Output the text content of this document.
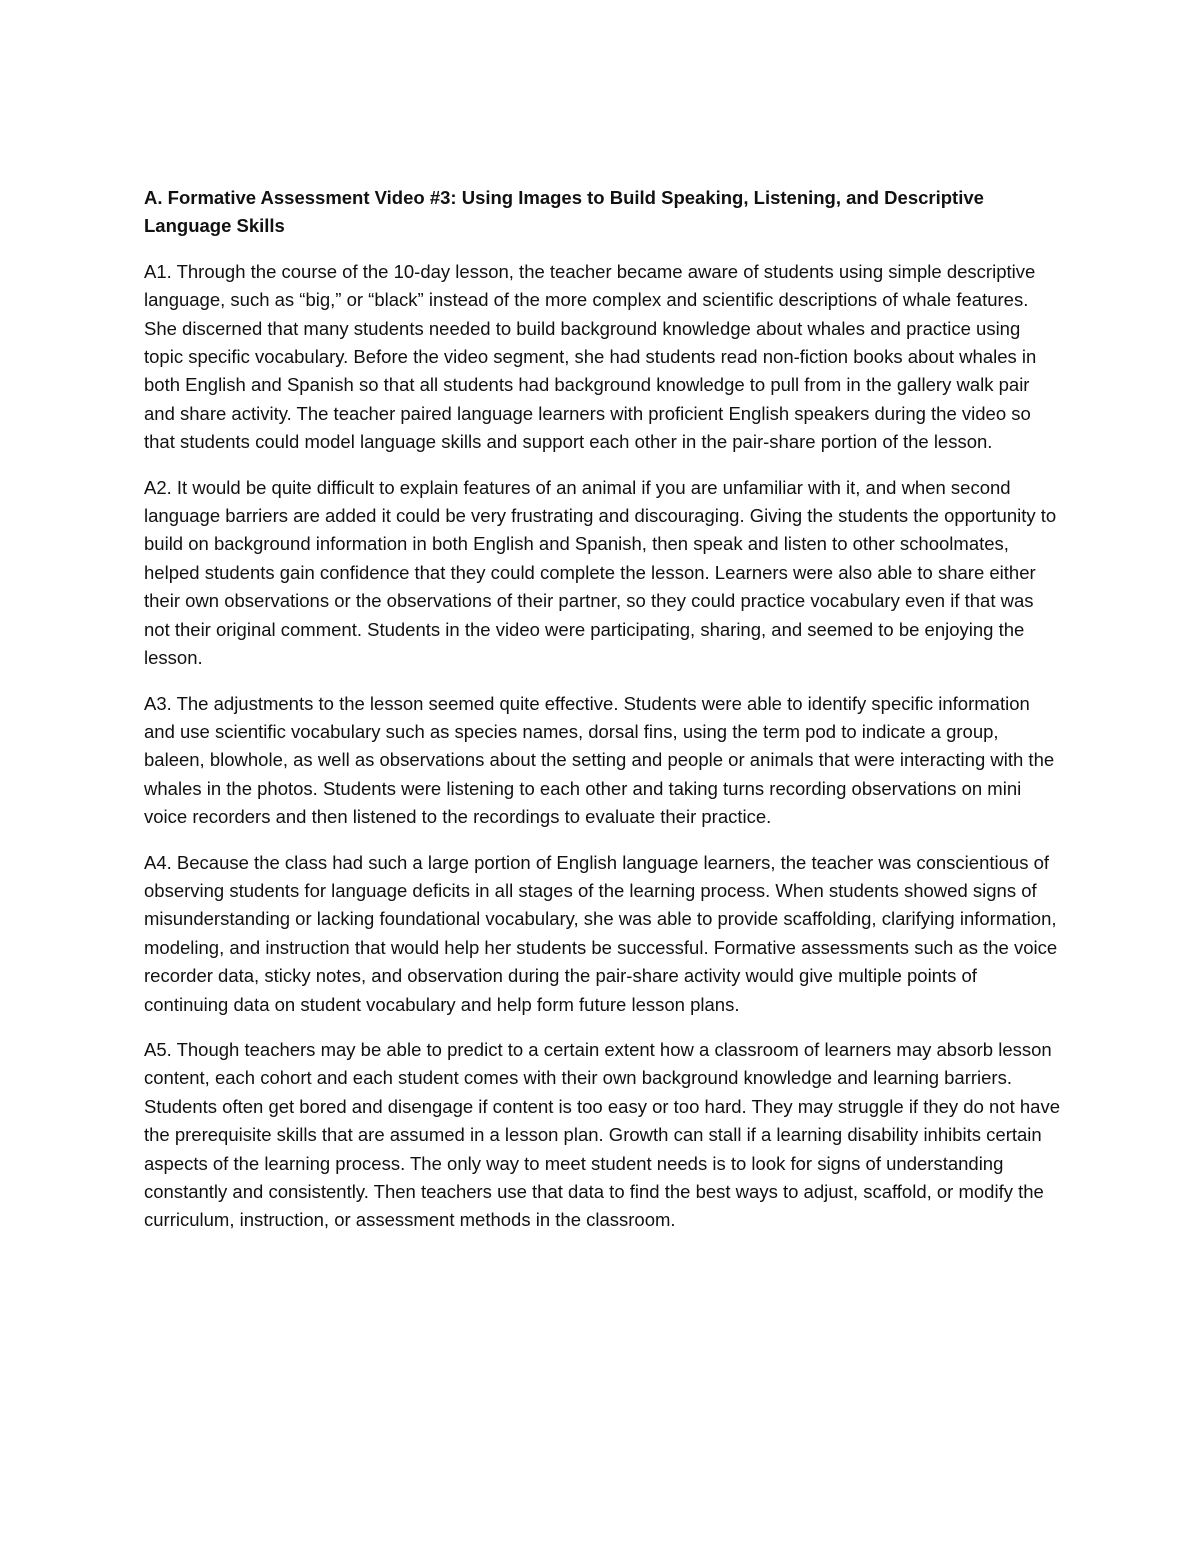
A. Formative Assessment Video #3: Using Images to Build Speaking, Listening, and Descriptive Language Skills

A1. Through the course of the 10-day lesson, the teacher became aware of students using simple descriptive language, such as “big,” or “black” instead of the more complex and scientific descriptions of whale features. She discerned that many students needed to build background knowledge about whales and practice using topic specific vocabulary. Before the video segment, she had students read non-fiction books about whales in both English and Spanish so that all students had background knowledge to pull from in the gallery walk pair and share activity. The teacher paired language learners with proficient English speakers during the video so that students could model language skills and support each other in the pair-share portion of the lesson.

A2. It would be quite difficult to explain features of an animal if you are unfamiliar with it, and when second language barriers are added it could be very frustrating and discouraging. Giving the students the opportunity to build on background information in both English and Spanish, then speak and listen to other schoolmates, helped students gain confidence that they could complete the lesson. Learners were also able to share either their own observations or the observations of their partner, so they could practice vocabulary even if that was not their original comment. Students in the video were participating, sharing, and seemed to be enjoying the lesson.

A3. The adjustments to the lesson seemed quite effective. Students were able to identify specific information and use scientific vocabulary such as species names, dorsal fins, using the term pod to indicate a group, baleen, blowhole, as well as observations about the setting and people or animals that were interacting with the whales in the photos. Students were listening to each other and taking turns recording observations on mini voice recorders and then listened to the recordings to evaluate their practice.

A4. Because the class had such a large portion of English language learners, the teacher was conscientious of observing students for language deficits in all stages of the learning process. When students showed signs of misunderstanding or lacking foundational vocabulary, she was able to provide scaffolding, clarifying information, modeling, and instruction that would help her students be successful. Formative assessments such as the voice recorder data, sticky notes, and observation during the pair-share activity would give multiple points of continuing data on student vocabulary and help form future lesson plans.

A5. Though teachers may be able to predict to a certain extent how a classroom of learners may absorb lesson content, each cohort and each student comes with their own background knowledge and learning barriers. Students often get bored and disengage if content is too easy or too hard. They may struggle if they do not have the prerequisite skills that are assumed in a lesson plan. Growth can stall if a learning disability inhibits certain aspects of the learning process. The only way to meet student needs is to look for signs of understanding constantly and consistently. Then teachers use that data to find the best ways to adjust, scaffold, or modify the curriculum, instruction, or assessment methods in the classroom.
